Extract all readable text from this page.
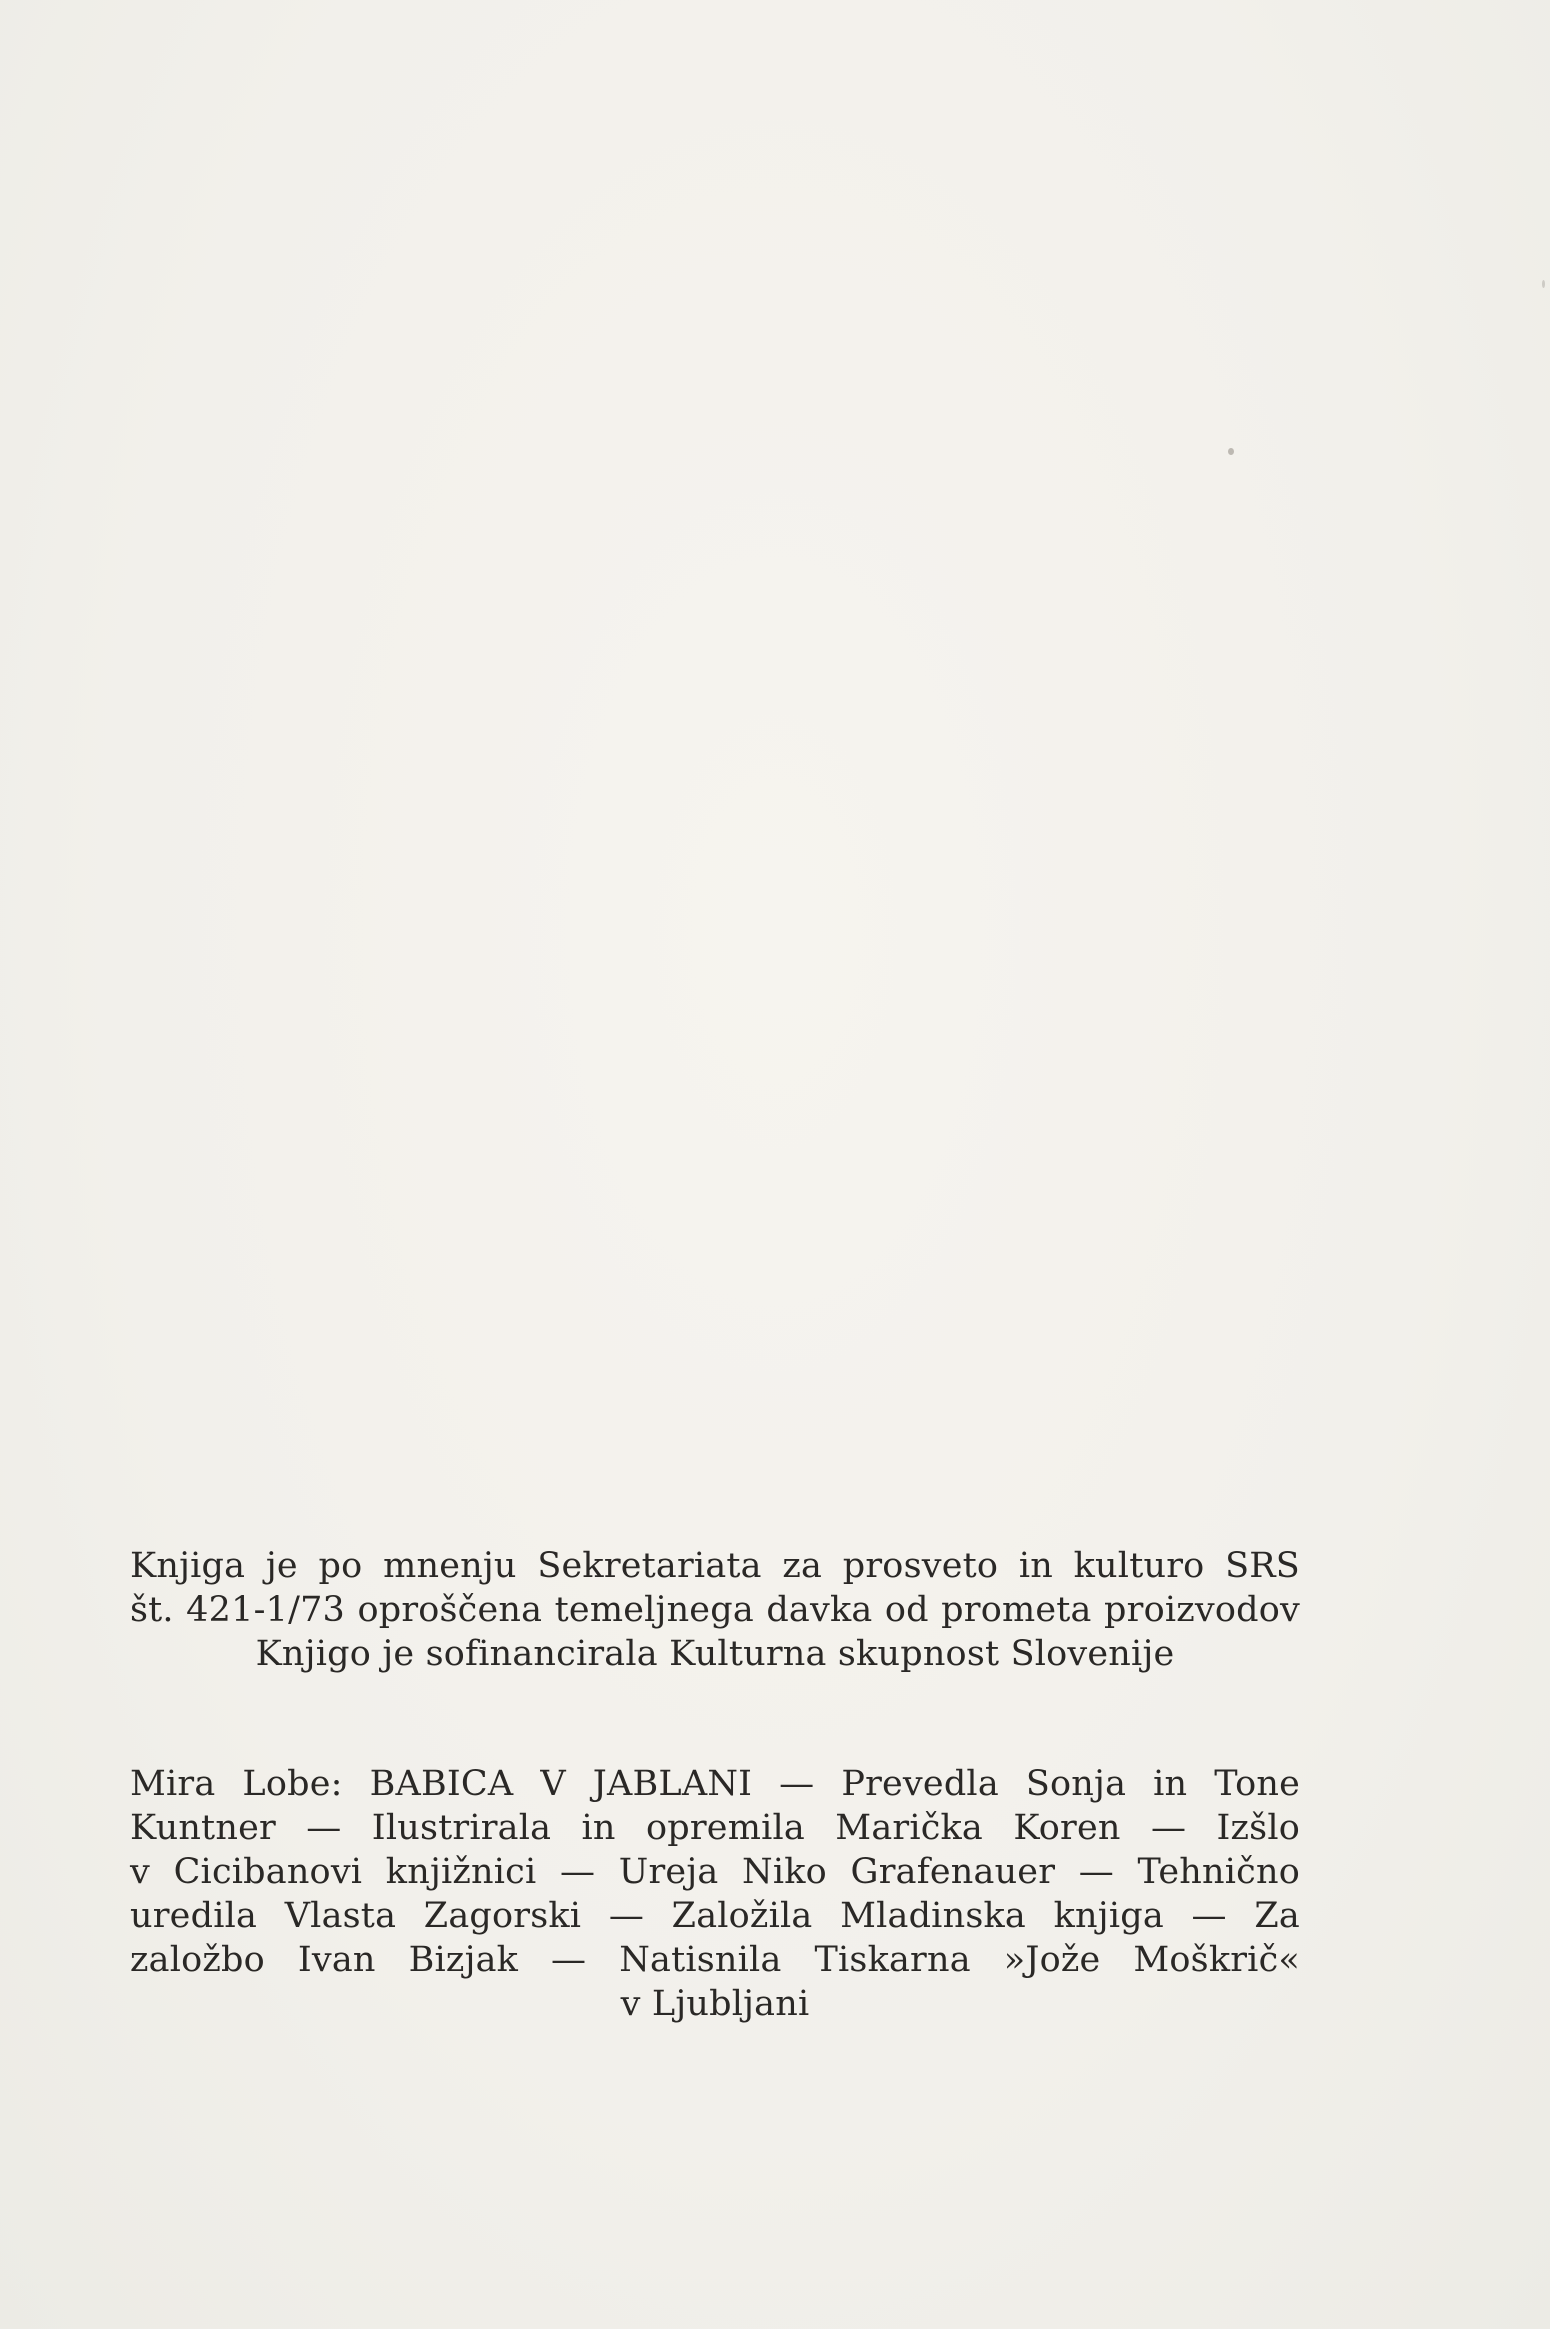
Knjiga je po mnenju Sekretariata za prosveto in kulturo SRS
št. 421-1/73 oproščena temeljnega davka od prometa proizvodov
Knjigo je sofinancirala Kulturna skupnost Slovenije
Mira Lobe: BABICA V JABLANI — Prevedla Sonja in Tone
Kuntner — Ilustrirala in opremila Marička Koren — Izšlo
v Cicibanovi knjižnici — Ureja Niko Grafenauer — Tehnično
uredila Vlasta Zagorski — Založila Mladinska knjiga — Za
založbo Ivan Bizjak — Natisnila Tiskarna »Jože Moškrič«
v Ljubljani
